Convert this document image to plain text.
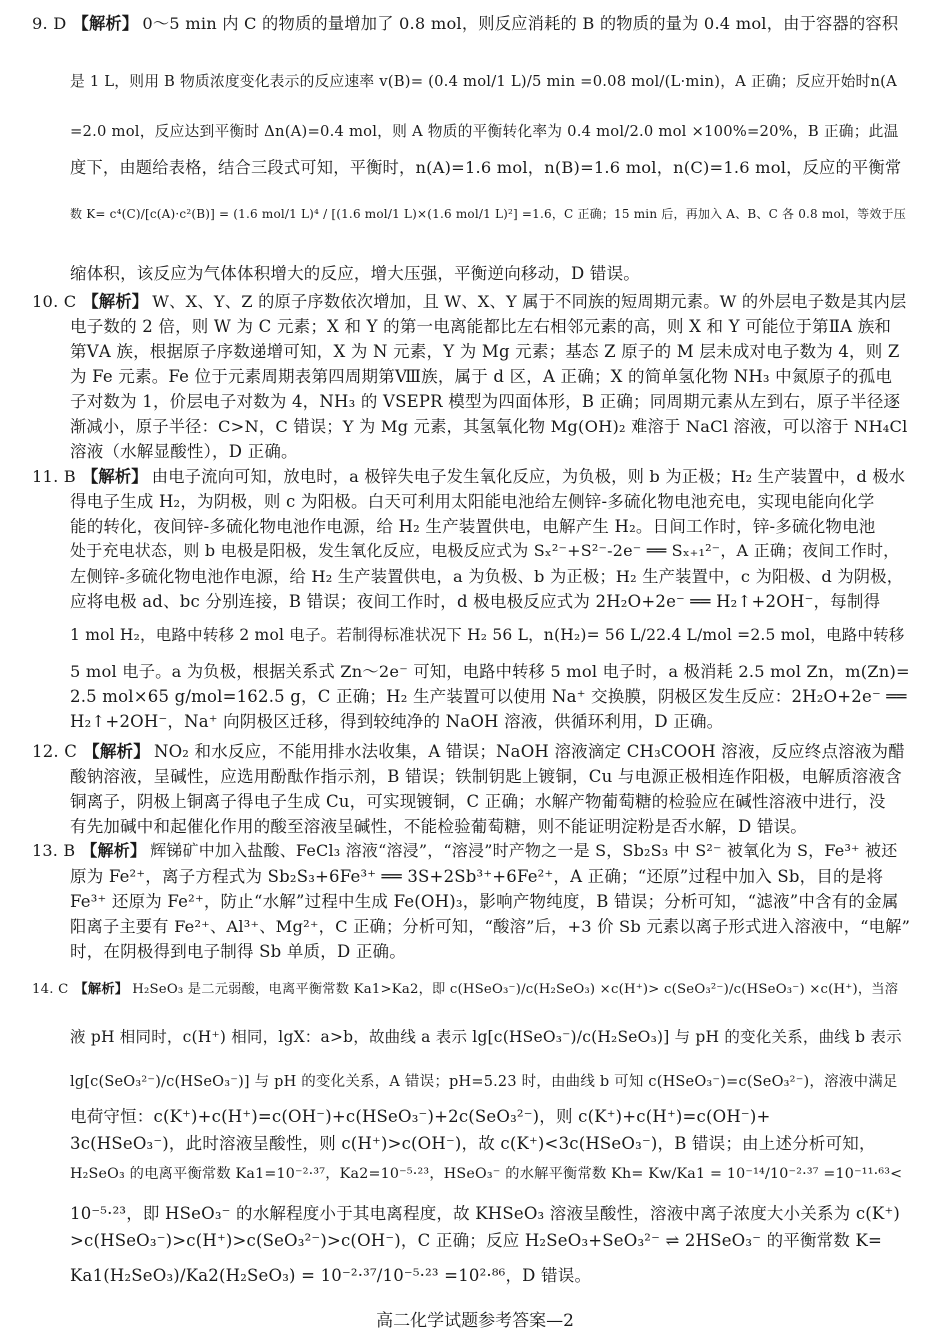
9. D 【解析】 0～5 min 内 C 的物质的量增加了 0.8 mol，则反应消耗的 B 的物质的量为 0.4 mol，由于容器的容积
是 1 L，则用 B 物质浓度变化表示的反应速率 v(B)= (0.4 mol/1 L)/5 min =0.08 mol/(L·min)，A 正确；反应开始时n(A
=2.0 mol，反应达到平衡时 Δn(A)=0.4 mol，则 A 物质的平衡转化率为 0.4 mol/2.0 mol ×100%=20%，B 正确；此温
度下，由题给表格，结合三段式可知，平衡时，n(A)=1.6 mol，n(B)=1.6 mol，n(C)=1.6 mol，反应的平衡常
数 K= c⁴(C)/[c(A)·c²(B)] = (1.6 mol/1 L)⁴ / [(1.6 mol/1 L)×(1.6 mol/1 L)²] =1.6，C 正确；15 min 后，再加入 A、B、C 各 0.8 mol，等效于压
缩体积，该反应为气体体积增大的反应，增大压强，平衡逆向移动，D 错误。
10. C 【解析】 W、X、Y、Z 的原子序数依次增加，且 W、X、Y 属于不同族的短周期元素。W 的外层电子数是其内层
电子数的 2 倍，则 W 为 C 元素；X 和 Y 的第一电离能都比左右相邻元素的高，则 X 和 Y 可能位于第ⅡA 族和
第ⅤA 族，根据原子序数递增可知，X 为 N 元素，Y 为 Mg 元素；基态 Z 原子的 M 层未成对电子数为 4，则 Z
为 Fe 元素。Fe 位于元素周期表第四周期第Ⅷ族，属于 d 区，A 正确；X 的简单氢化物 NH₃ 中氮原子的孤电
子对数为 1，价层电子对数为 4，NH₃ 的 VSEPR 模型为四面体形，B 正确；同周期元素从左到右，原子半径逐
渐减小，原子半径：C>N，C 错误；Y 为 Mg 元素，其氢氧化物 Mg(OH)₂ 难溶于 NaCl 溶液，可以溶于 NH₄Cl
溶液（水解显酸性），D 正确。
11. B 【解析】 由电子流向可知，放电时，a 极锌失电子发生氧化反应，为负极，则 b 为正极；H₂ 生产装置中，d 极水
得电子生成 H₂，为阴极，则 c 为阳极。白天可利用太阳能电池给左侧锌-多硫化物电池充电，实现电能向化学
能的转化，夜间锌-多硫化物电池作电源，给 H₂ 生产装置供电，电解产生 H₂。日间工作时，锌-多硫化物电池
处于充电状态，则 b 电极是阳极，发生氧化反应，电极反应式为 Sₓ²⁻+S²⁻-2e⁻ ══ Sₓ₊₁²⁻，A 正确；夜间工作时，
左侧锌-多硫化物电池作电源，给 H₂ 生产装置供电，a 为负极、b 为正极；H₂ 生产装置中，c 为阳极、d 为阴极，
应将电极 ad、bc 分别连接，B 错误；夜间工作时，d 极电极反应式为 2H₂O+2e⁻ ══ H₂↑+2OH⁻，每制得
1 mol H₂，电路中转移 2 mol 电子。若制得标准状况下 H₂ 56 L，n(H₂)= 56 L/22.4 L/mol =2.5 mol，电路中转移
5 mol 电子。a 为负极，根据关系式 Zn～2e⁻ 可知，电路中转移 5 mol 电子时，a 极消耗 2.5 mol Zn，m(Zn)=
2.5 mol×65 g/mol=162.5 g，C 正确；H₂ 生产装置可以使用 Na⁺ 交换膜，阴极区发生反应：2H₂O+2e⁻ ══
H₂↑+2OH⁻，Na⁺ 向阴极区迁移，得到较纯净的 NaOH 溶液，供循环利用，D 正确。
12. C 【解析】 NO₂ 和水反应，不能用排水法收集，A 错误；NaOH 溶液滴定 CH₃COOH 溶液，反应终点溶液为醋
酸钠溶液，呈碱性，应选用酚酞作指示剂，B 错误；铁制钥匙上镀铜，Cu 与电源正极相连作阳极，电解质溶液含
铜离子，阴极上铜离子得电子生成 Cu，可实现镀铜，C 正确；水解产物葡萄糖的检验应在碱性溶液中进行，没
有先加碱中和起催化作用的酸至溶液呈碱性，不能检验葡萄糖，则不能证明淀粉是否水解，D 错误。
13. B 【解析】 辉锑矿中加入盐酸、FeCl₃ 溶液“溶浸”，“溶浸”时产物之一是 S，Sb₂S₃ 中 S²⁻ 被氧化为 S，Fe³⁺ 被还
原为 Fe²⁺，离子方程式为 Sb₂S₃+6Fe³⁺ ══ 3S+2Sb³⁺+6Fe²⁺，A 正确；“还原”过程中加入 Sb，目的是将
Fe³⁺ 还原为 Fe²⁺，防止“水解”过程中生成 Fe(OH)₃，影响产物纯度，B 错误；分析可知，“滤液”中含有的金属
阳离子主要有 Fe²⁺、Al³⁺、Mg²⁺，C 正确；分析可知，“酸溶”后，+3 价 Sb 元素以离子形式进入溶液中，“电解”
时，在阴极得到电子制得 Sb 单质，D 正确。
14. C 【解析】 H₂SeO₃ 是二元弱酸，电离平衡常数 Ka1>Ka2，即 c(HSeO₃⁻)/c(H₂SeO₃) ×c(H⁺)> c(SeO₃²⁻)/c(HSeO₃⁻) ×c(H⁺)，当溶
液 pH 相同时，c(H⁺) 相同，lgX：a>b，故曲线 a 表示 lg[c(HSeO₃⁻)/c(H₂SeO₃)] 与 pH 的变化关系，曲线 b 表示
lg[c(SeO₃²⁻)/c(HSeO₃⁻)] 与 pH 的变化关系，A 错误；pH=5.23 时，由曲线 b 可知 c(HSeO₃⁻)=c(SeO₃²⁻)，溶液中满足
电荷守恒：c(K⁺)+c(H⁺)=c(OH⁻)+c(HSeO₃⁻)+2c(SeO₃²⁻)，则 c(K⁺)+c(H⁺)=c(OH⁻)+
3c(HSeO₃⁻)，此时溶液呈酸性，则 c(H⁺)>c(OH⁻)，故 c(K⁺)<3c(HSeO₃⁻)，B 错误；由上述分析可知，
H₂SeO₃ 的电离平衡常数 Ka1=10⁻²·³⁷，Ka2=10⁻⁵·²³，HSeO₃⁻ 的水解平衡常数 Kh= Kw/Ka1 = 10⁻¹⁴/10⁻²·³⁷ =10⁻¹¹·⁶³<
10⁻⁵·²³，即 HSeO₃⁻ 的水解程度小于其电离程度，故 KHSeO₃ 溶液呈酸性，溶液中离子浓度大小关系为 c(K⁺)
>c(HSeO₃⁻)>c(H⁺)>c(SeO₃²⁻)>c(OH⁻)，C 正确；反应 H₂SeO₃+SeO₃²⁻ ⇌ 2HSeO₃⁻ 的平衡常数 K=
Ka1(H₂SeO₃)/Ka2(H₂SeO₃) = 10⁻²·³⁷/10⁻⁵·²³ =10²·⁸⁶，D 错误。
高二化学试题参考答案—2
